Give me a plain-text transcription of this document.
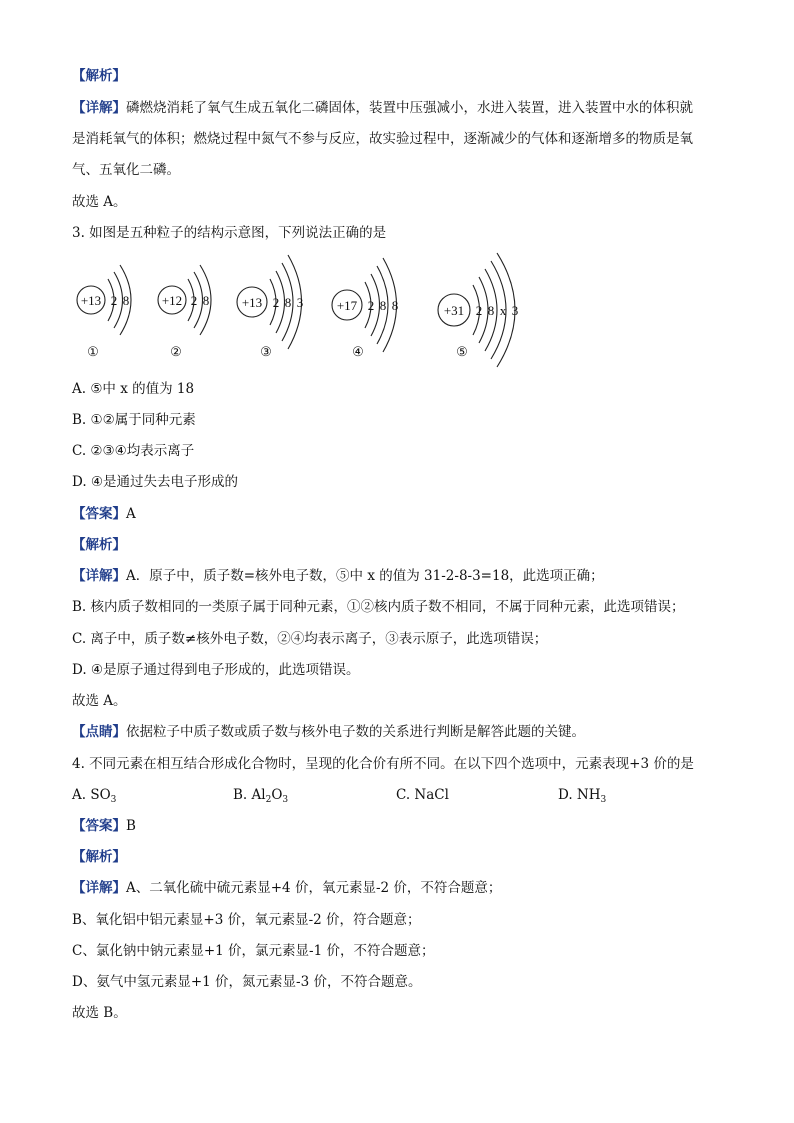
【解析】
【详解】磷燃烧消耗了氧气生成五氧化二磷固体，装置中压强减小，水进入装置，进入装置中水的体积就
是消耗氧气的体积；燃烧过程中氮气不参与反应，故实验过程中，逐渐减少的气体和逐渐增多的物质是氧
气、五氧化二磷。
故选 A。
3. 如图是五种粒子的结构示意图，下列说法正确的是
+13 2 8
①
+12 2 8
②
+13 2 8 3
③
+17 2 8 8
④
+31 2 8 x 3
⑤
A. ⑤中 x 的值为 18
B. ①②属于同种元素
C. ②③④均表示离子
D. ④是通过失去电子形成的
【答案】A
【解析】
【详解】A．原子中，质子数=核外电子数，⑤中 x 的值为 31-2-8-3=18，此选项正确；
B. 核内质子数相同的一类原子属于同种元素，①②核内质子数不相同，不属于同种元素，此选项错误；
C. 离子中，质子数≠核外电子数，②④均表示离子，③表示原子，此选项错误；
D. ④是原子通过得到电子形成的，此选项错误。
故选 A。
【点睛】依据粒子中质子数或质子数与核外电子数的关系进行判断是解答此题的关键。
4. 不同元素在相互结合形成化合物时，呈现的化合价有所不同。在以下四个选项中，元素表现+3 价的是
A. $SO_3$	B. $Al_2O_3$	C. NaCl	D. $NH_3$
【答案】B
【解析】
【详解】A、二氧化硫中硫元素显+4 价，氧元素显-2 价，不符合题意；
B、氧化铝中铝元素显+3 价，氧元素显-2 价，符合题意；
C、氯化钠中钠元素显+1 价，氯元素显-1 价，不符合题意；
D、氨气中氢元素显+1 价，氮元素显-3 价，不符合题意。
故选 B。
